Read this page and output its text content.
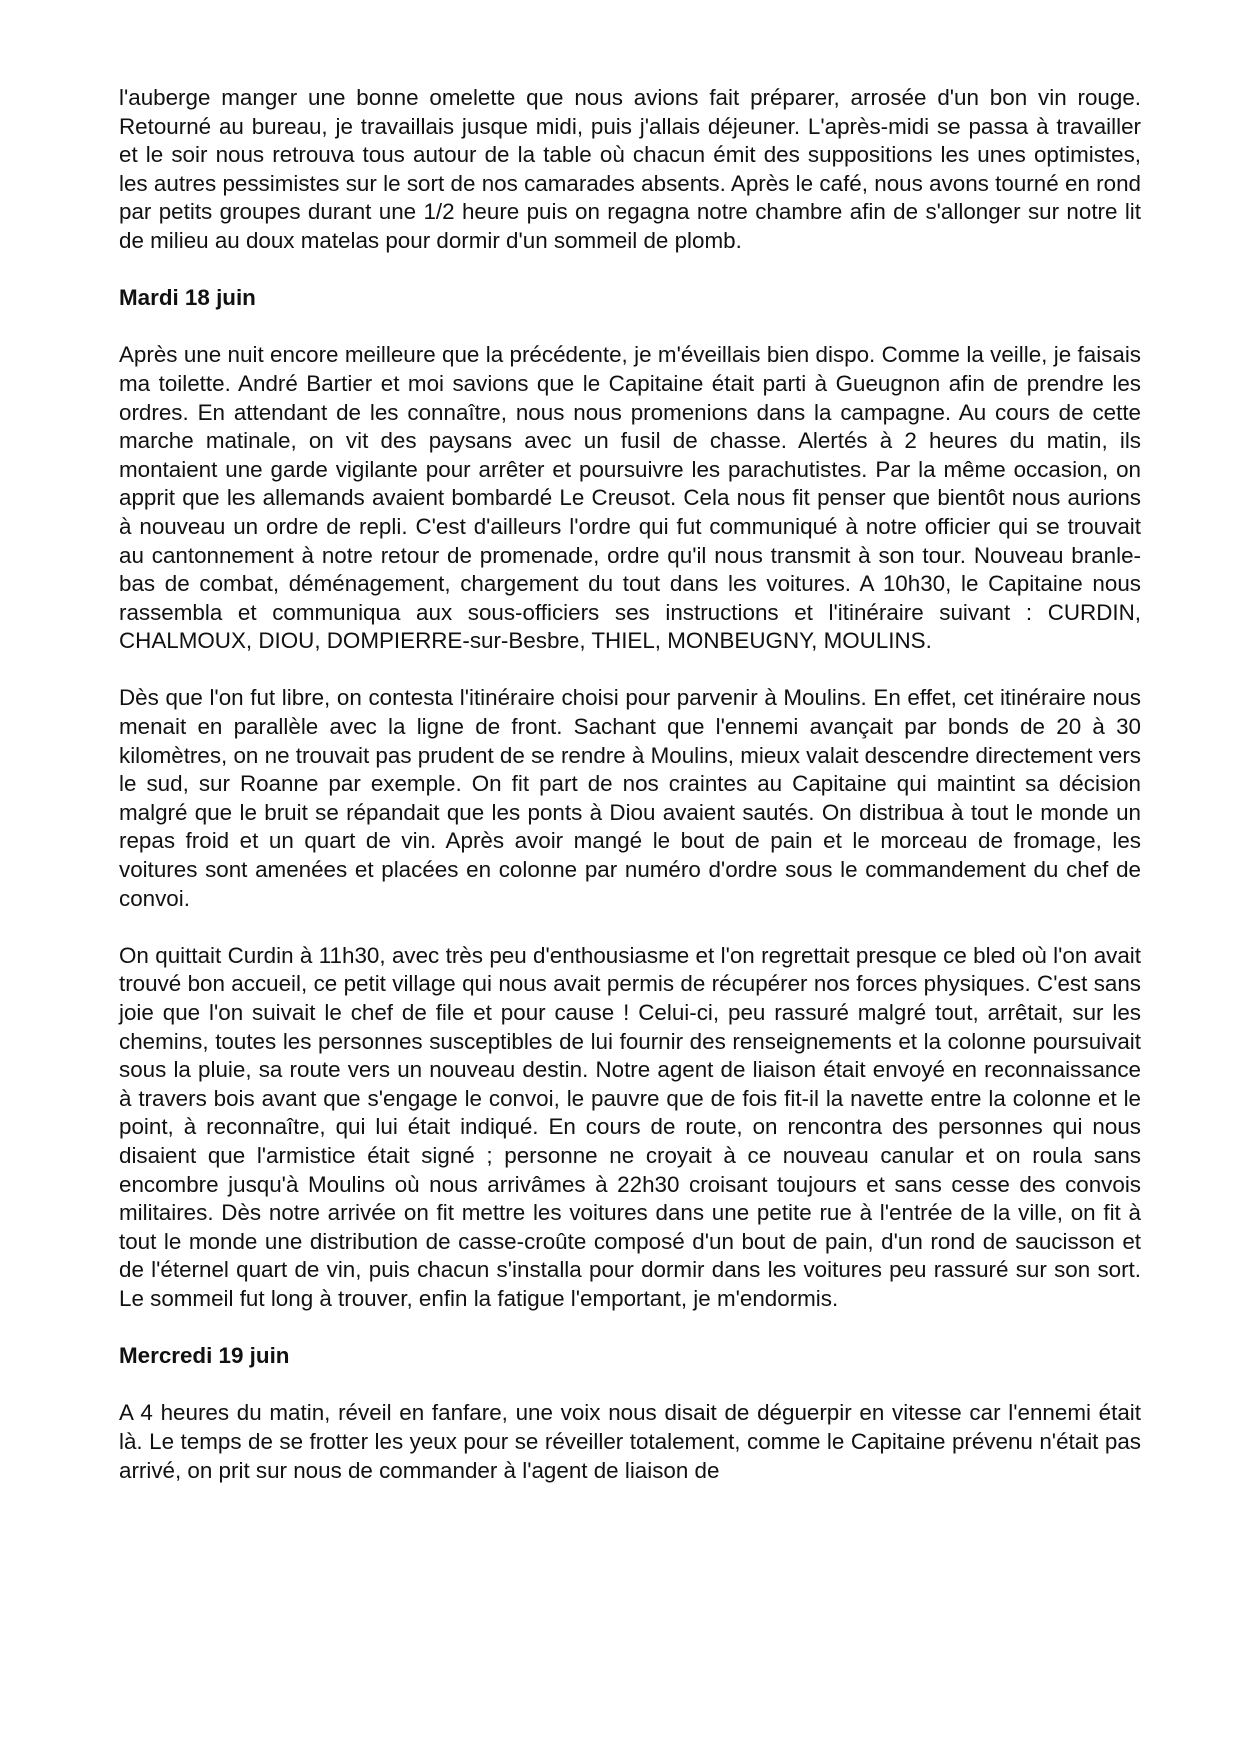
l'auberge manger une bonne omelette que nous avions fait préparer, arrosée d'un bon vin rouge. Retourné au bureau, je travaillais jusque midi, puis j'allais déjeuner. L'après-midi se passa à travailler et le soir nous retrouva tous autour de la table où chacun émit des suppositions les unes optimistes, les autres pessimistes sur le sort de nos camarades absents. Après le café, nous avons tourné en rond par petits groupes durant une 1/2 heure puis on regagna notre chambre afin de s'allonger sur notre lit de milieu au doux matelas pour dormir d'un sommeil de plomb.

Mardi 18 juin

Après une nuit encore meilleure que la précédente, je m'éveillais bien dispo. Comme la veille, je faisais ma toilette. André Bartier et moi savions que le Capitaine était parti à Gueugnon afin de prendre les ordres. En attendant de les connaître, nous nous promenions dans la campagne. Au cours de cette marche matinale, on vit des paysans avec un fusil de chasse. Alertés à 2 heures du matin, ils montaient une garde vigilante pour arrêter et poursuivre les parachutistes. Par la même occasion, on apprit que les allemands avaient bombardé Le Creusot. Cela nous fit penser que bientôt nous aurions à nouveau un ordre de repli. C'est d'ailleurs l'ordre qui fut communiqué à notre officier qui se trouvait au cantonnement à notre retour de promenade, ordre qu'il nous transmit à son tour. Nouveau branle-bas de combat, déménagement, chargement du tout dans les voitures. A 10h30, le Capitaine nous rassembla et communiqua aux sous-officiers ses instructions et l'itinéraire suivant : CURDIN, CHALMOUX, DIOU, DOMPIERRE-sur-Besbre, THIEL, MONBEUGNY, MOULINS.

Dès que l'on fut libre, on contesta l'itinéraire choisi pour parvenir à Moulins. En effet, cet itinéraire nous menait en parallèle avec la ligne de front. Sachant que l'ennemi avançait par bonds de 20 à 30 kilomètres, on ne trouvait pas prudent de se rendre à Moulins, mieux valait descendre directement vers le sud, sur Roanne par exemple. On fit part de nos craintes au Capitaine qui maintint sa décision malgré que le bruit se répandait que les ponts à Diou avaient sautés. On distribua à tout le monde un repas froid et un quart de vin. Après avoir mangé le bout de pain et le morceau de fromage, les voitures sont amenées et placées en colonne par numéro d'ordre sous le commandement du chef de convoi.

On quittait Curdin à 11h30, avec très peu d'enthousiasme et l'on regrettait presque ce bled où l'on avait trouvé bon accueil, ce petit village qui nous avait permis de récupérer nos forces physiques. C'est sans joie que l'on suivait le chef de file et pour cause ! Celui-ci, peu rassuré malgré tout, arrêtait, sur les chemins, toutes les personnes susceptibles de lui fournir des renseignements et la colonne poursuivait sous la pluie, sa route vers un nouveau destin. Notre agent de liaison était envoyé en reconnaissance à travers bois avant que s'engage le convoi, le pauvre que de fois fit-il la navette entre la colonne et le point, à reconnaître, qui lui était indiqué. En cours de route, on rencontra des personnes qui nous disaient que l'armistice était signé ; personne ne croyait à ce nouveau canular et on roula sans encombre jusqu'à Moulins où nous arrivâmes à 22h30 croisant toujours et sans cesse des convois militaires. Dès notre arrivée on fit mettre les voitures dans une petite rue à l'entrée de la ville, on fit à tout le monde une distribution de casse-croûte composé d'un bout de pain, d'un rond de saucisson et de l'éternel quart de vin, puis chacun s'installa pour dormir dans les voitures peu rassuré sur son sort. Le sommeil fut long à trouver, enfin la fatigue l'emportant, je m'endormis.

Mercredi 19 juin

A 4 heures du matin, réveil en fanfare, une voix nous disait de déguerpir en vitesse car l'ennemi était là. Le temps de se frotter les yeux pour se réveiller totalement, comme le Capitaine prévenu n'était pas arrivé, on prit sur nous de commander à l'agent de liaison de
